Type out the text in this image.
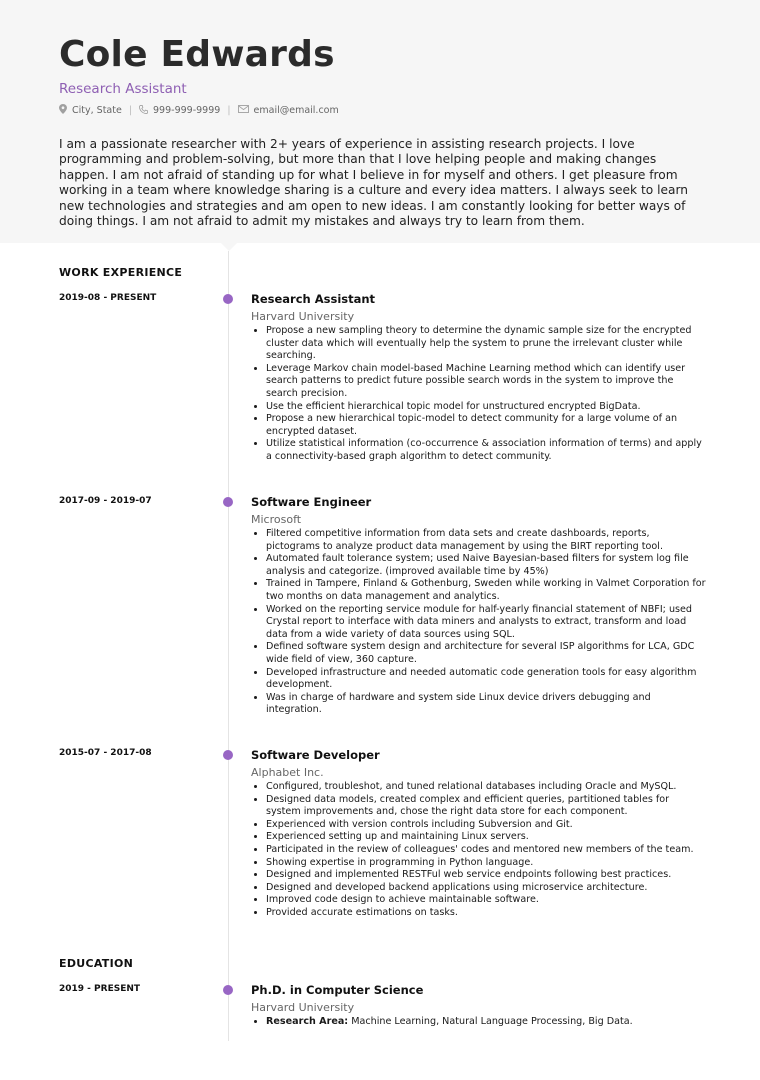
Cole Edwards
Research Assistant
City, State | 999-999-9999 | email@email.com

I am a passionate researcher with 2+ years of experience in assisting research projects. I love programming and problem-solving, but more than that I love helping people and making changes happen. I am not afraid of standing up for what I believe in for myself and others. I get pleasure from working in a team where knowledge sharing is a culture and every idea matters. I always seek to learn new technologies and strategies and am open to new ideas. I am constantly looking for better ways of doing things. I am not afraid to admit my mistakes and always try to learn from them.

WORK EXPERIENCE
2019-08 - PRESENT	Research Assistant
Harvard University
• Propose a new sampling theory to determine the dynamic sample size for the encrypted cluster data which will eventually help the system to prune the irrelevant cluster while searching.
• Leverage Markov chain model-based Machine Learning method which can identify user search patterns to predict future possible search words in the system to improve the search precision.
• Use the efficient hierarchical topic model for unstructured encrypted BigData.
• Propose a new hierarchical topic-model to detect community for a large volume of an encrypted dataset.
• Utilize statistical information (co-occurrence & association information of terms) and apply a connectivity-based graph algorithm to detect community.
2017-09 - 2019-07	Software Engineer
Microsoft
• Filtered competitive information from data sets and create dashboards, reports, pictograms to analyze product data management by using the BIRT reporting tool.
• Automated fault tolerance system; used Naive Bayesian-based filters for system log file analysis and categorize. (improved available time by 45%)
• Trained in Tampere, Finland & Gothenburg, Sweden while working in Valmet Corporation for two months on data management and analytics.
• Worked on the reporting service module for half-yearly financial statement of NBFI; used Crystal report to interface with data miners and analysts to extract, transform and load data from a wide variety of data sources using SQL.
• Defined software system design and architecture for several ISP algorithms for LCA, GDC wide field of view, 360 capture.
• Developed infrastructure and needed automatic code generation tools for easy algorithm development.
• Was in charge of hardware and system side Linux device drivers debugging and integration.
2015-07 - 2017-08	Software Developer
Alphabet Inc.
• Configured, troubleshot, and tuned relational databases including Oracle and MySQL.
• Designed data models, created complex and efficient queries, partitioned tables for system improvements and, chose the right data store for each component.
• Experienced with version controls including Subversion and Git.
• Experienced setting up and maintaining Linux servers.
• Participated in the review of colleagues' codes and mentored new members of the team.
• Showing expertise in programming in Python language.
• Designed and implemented RESTFul web service endpoints following best practices.
• Designed and developed backend applications using microservice architecture.
• Improved code design to achieve maintainable software.
• Provided accurate estimations on tasks.
EDUCATION
2019 - PRESENT	Ph.D. in Computer Science
Harvard University
• Research Area: Machine Learning, Natural Language Processing, Big Data.
